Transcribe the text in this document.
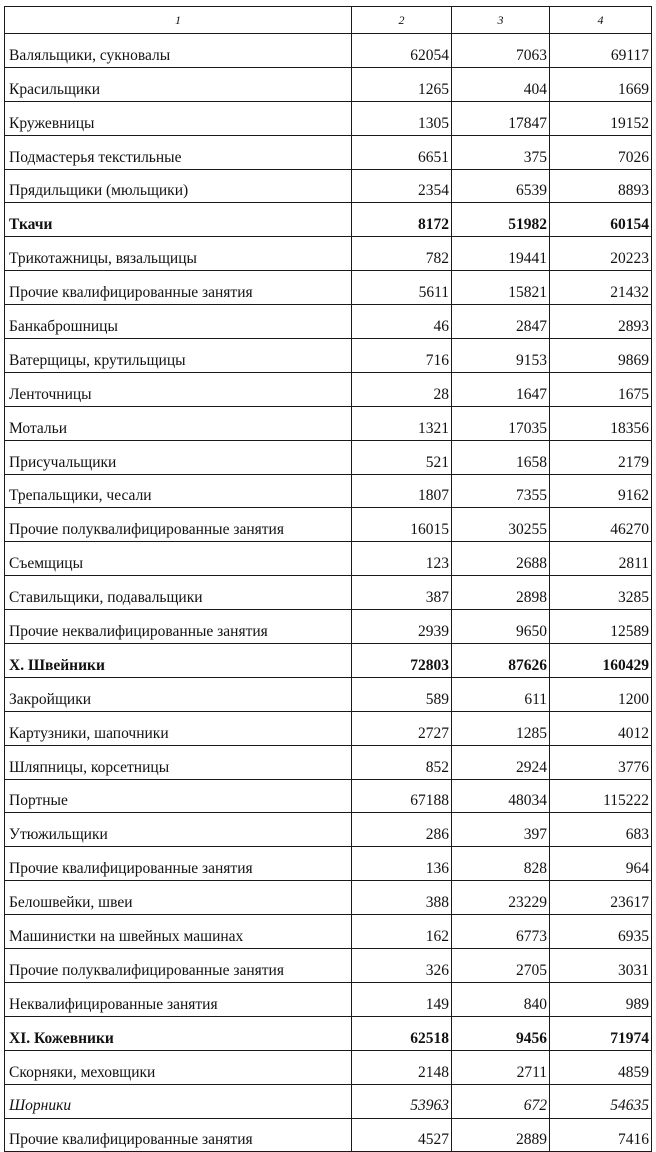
1	2	3	4
Валяльщики, сукновалы	62054	7063	69117
Красильщики	1265	404	1669
Кружевницы	1305	17847	19152
Подмастерья текстильные	6651	375	7026
Прядильщики (мюльщики)	2354	6539	8893
Ткачи	8172	51982	60154
Трикотажницы, вязальщицы	782	19441	20223
Прочие квалифицированные занятия	5611	15821	21432
Банкаброшницы	46	2847	2893
Ватерщицы, крутильщицы	716	9153	9869
Ленточницы	28	1647	1675
Мотальи	1321	17035	18356
Присучальщики	521	1658	2179
Трепальщики, чесали	1807	7355	9162
Прочие полуквалифицированные занятия	16015	30255	46270
Съемщицы	123	2688	2811
Ставильщики, подавальщики	387	2898	3285
Прочие неквалифицированные занятия	2939	9650	12589
X. Швейники	72803	87626	160429
Закройщики	589	611	1200
Картузники, шапочники	2727	1285	4012
Шляпницы, корсетницы	852	2924	3776
Портные	67188	48034	115222
Утюжильщики	286	397	683
Прочие квалифицированные занятия	136	828	964
Белошвейки, швеи	388	23229	23617
Машинистки на швейных машинах	162	6773	6935
Прочие полуквалифицированные занятия	326	2705	3031
Неквалифицированные занятия	149	840	989
XI. Кожевники	62518	9456	71974
Скорняки, меховщики	2148	2711	4859
Шорники	53963	672	54635
Прочие квалифицированные занятия	4527	2889	7416
